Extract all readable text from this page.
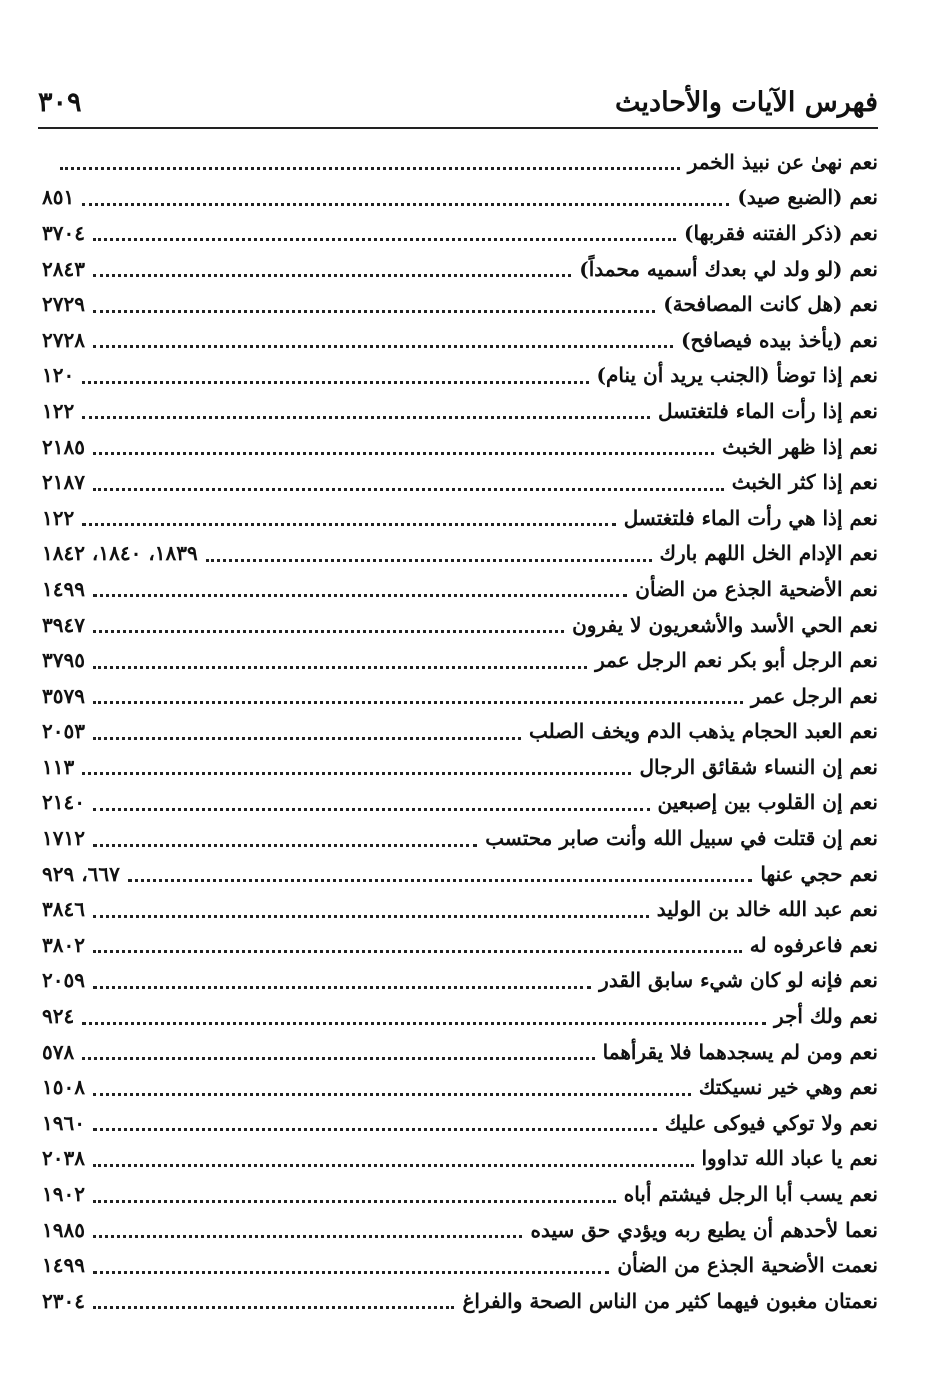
فهرس الآيات والأحاديث
٣٠٩
نعم نهىٰ عن نبيذ الخمر
نعم (الضبع صيد)
٨٥١
نعم (ذكر الفتنه فقربها)
٣٧٠٤
نعم (لو ولد لي بعدك أسميه محمداً)
٢٨٤٣
نعم (هل كانت المصافحة)
٢٧٢٩
نعم (يأخذ بيده فيصافح)
٢٧٢٨
نعم إذا توضأ (الجنب يريد أن ينام)
١٢٠
نعم إذا رأت الماء فلتغتسل
١٢٢
نعم إذا ظهر الخبث
٢١٨٥
نعم إذا كثر الخبث
٢١٨٧
نعم إذا هي رأت الماء فلتغتسل
١٢٢
نعم الإدام الخل اللهم بارك
١٨٣٩، ١٨٤٠، ١٨٤٢
نعم الأضحية الجذع من الضأن
١٤٩٩
نعم الحي الأسد والأشعريون لا يفرون
٣٩٤٧
نعم الرجل أبو بكر نعم الرجل عمر
٣٧٩٥
نعم الرجل عمر
٣٥٧٩
نعم العبد الحجام يذهب الدم ويخف الصلب
٢٠٥٣
نعم إن النساء شقائق الرجال
١١٣
نعم إن القلوب بين إصبعين
٢١٤٠
نعم إن قتلت في سبيل الله وأنت صابر محتسب
١٧١٢
نعم حجي عنها
٦٦٧، ٩٢٩
نعم عبد الله خالد بن الوليد
٣٨٤٦
نعم فاعرفوه له
٣٨٠٢
نعم فإنه لو كان شيء سابق القدر
٢٠٥٩
نعم ولك أجر
٩٢٤
نعم ومن لم يسجدهما فلا يقرأهما
٥٧٨
نعم وهي خير نسيكتك
١٥٠٨
نعم ولا توكي فيوكى عليك
١٩٦٠
نعم يا عباد الله تداووا
٢٠٣٨
نعم يسب أبا الرجل فيشتم أباه
١٩٠٢
نعما لأحدهم أن يطيع ربه ويؤدي حق سيده
١٩٨٥
نعمت الأضحية الجذع من الضأن
١٤٩٩
نعمتان مغبون فيهما كثير من الناس الصحة والفراغ
٢٣٠٤
